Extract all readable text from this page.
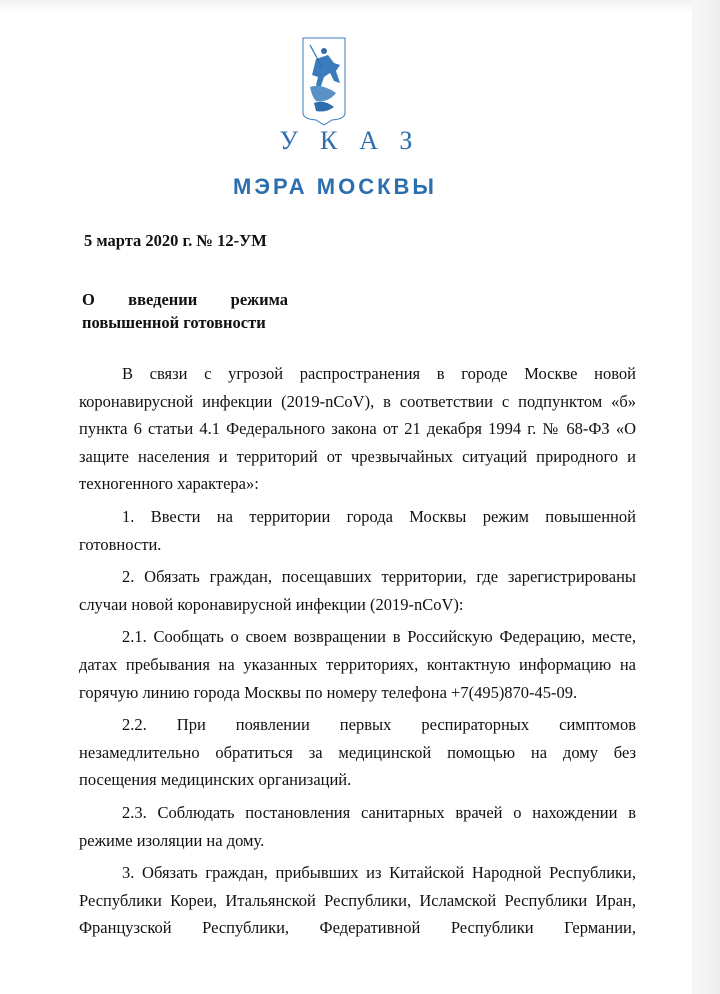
УКАЗ
МЭРА МОСКВЫ
5 марта 2020 г. № 12-УМ
О введении режима
повышенной готовности
В связи с угрозой распространения в городе Москве новой
коронавирусной инфекции (2019-nCoV), в соответствии с подпунктом «б»
пункта 6 статьи 4.1 Федерального закона от 21 декабря 1994 г. № 68-ФЗ «О
защите населения и территорий от чрезвычайных ситуаций природного и
техногенного характера»:
1. Ввести на территории города Москвы режим повышенной
готовности.
2. Обязать граждан, посещавших территории, где зарегистрированы
случаи новой коронавирусной инфекции (2019-nCoV):
2.1. Сообщать о своем возвращении в Российскую Федерацию, месте,
датах пребывания на указанных территориях, контактную информацию на
горячую линию города Москвы по номеру телефона +7(495)870-45-09.
2.2. При появлении первых респираторных симптомов
незамедлительно обратиться за медицинской помощью на дому без
посещения медицинских организаций.
2.3. Соблюдать постановления санитарных врачей о нахождении в
режиме изоляции на дому.
3. Обязать граждан, прибывших из Китайской Народной Республики,
Республики Кореи, Итальянской Республики, Исламской Республики Иран,
Французской Республики, Федеративной Республики Германии,
